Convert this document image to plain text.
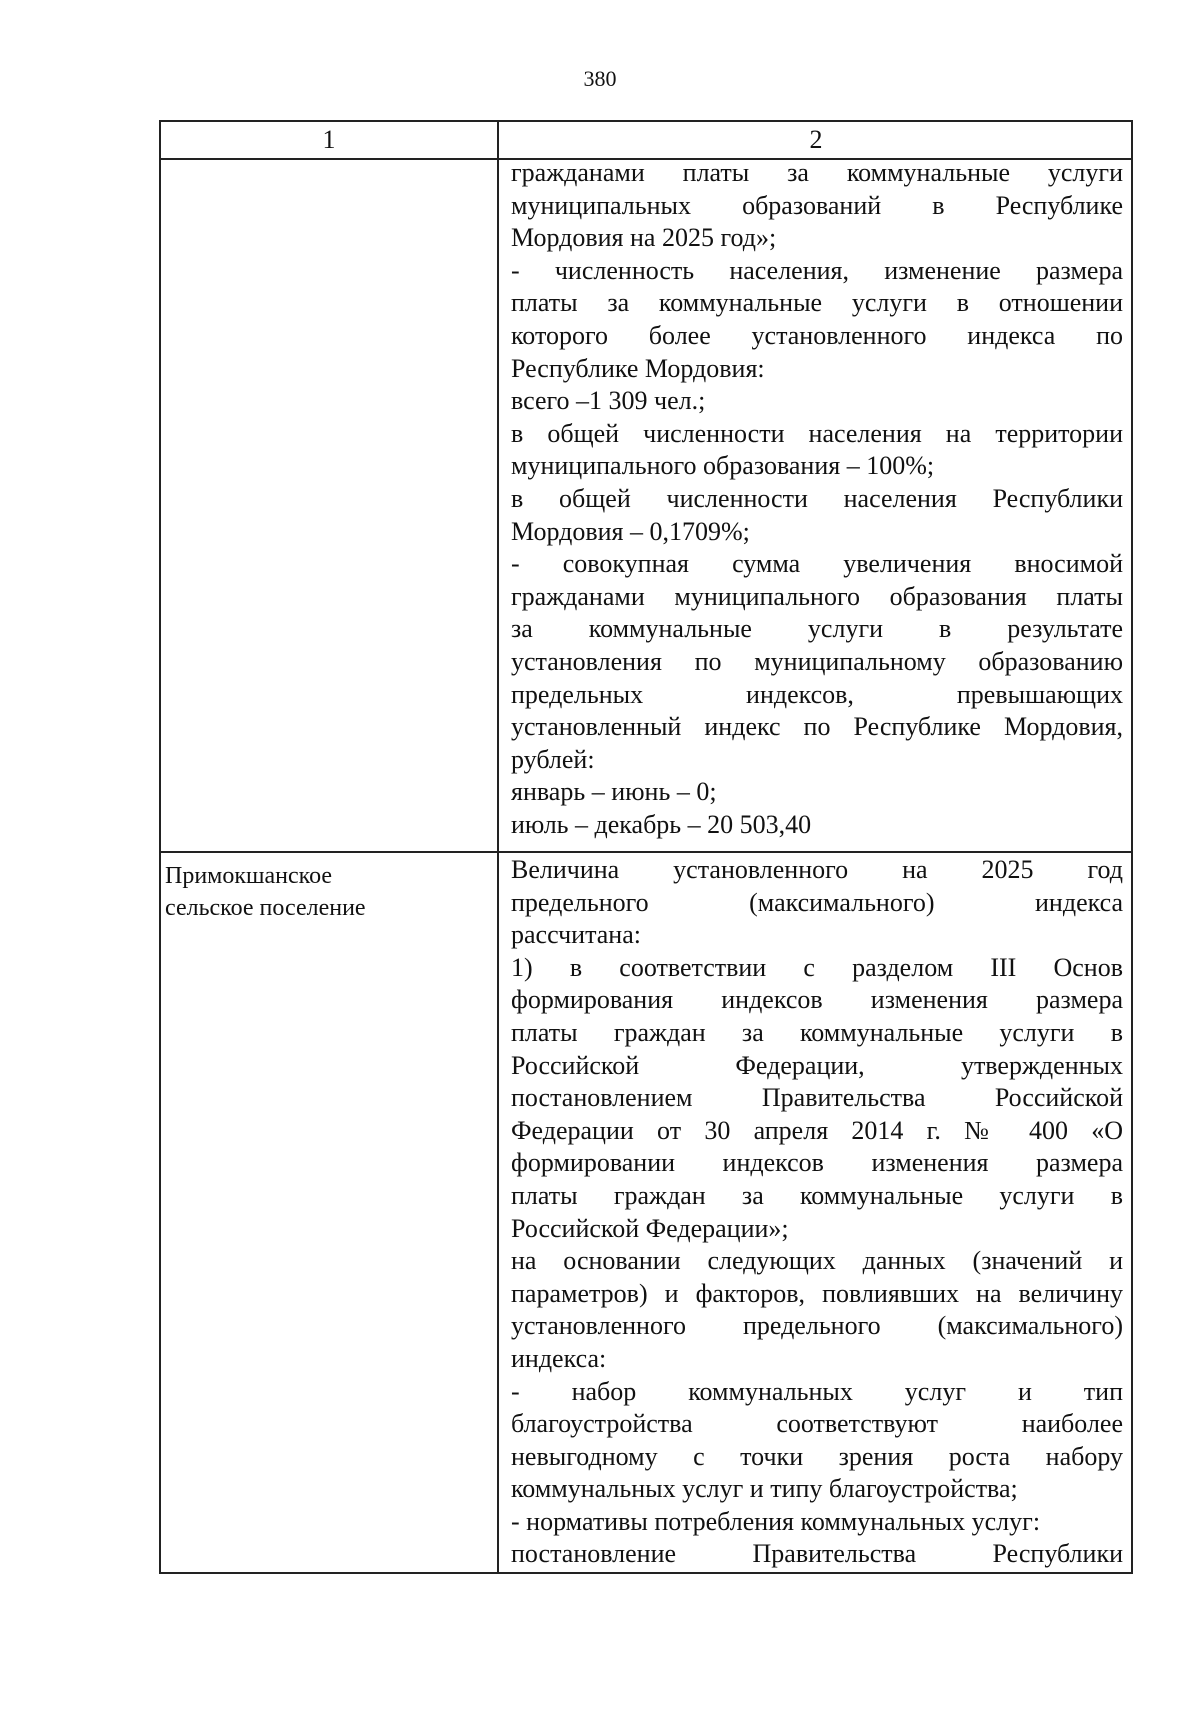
380
1	2
гражданами платы за коммунальные услуги
муниципальных образований в Республике
Мордовия на 2025 год»;
- численность населения, изменение размера
платы за коммунальные услуги в отношении
которого более установленного индекса по
Республике Мордовия:
всего –1 309 чел.;
в общей численности населения на территории
муниципального образования – 100%;
в общей численности населения Республики
Мордовия – 0,1709%;
- совокупная сумма увеличения вносимой
гражданами муниципального образования платы
за коммунальные услуги в результате
установления по муниципальному образованию
предельных индексов, превышающих
установленный индекс по Республике Мордовия,
рублей:
январь – июнь – 0;
июль – декабрь – 20 503,40
Примокшанское
сельское поселение
Величина установленного на 2025 год
предельного (максимального) индекса
рассчитана:
1) в соответствии с разделом III Основ
формирования индексов изменения размера
платы граждан за коммунальные услуги в
Российской Федерации, утвержденных
постановлением Правительства Российской
Федерации от 30 апреля 2014 г. № 400 «О
формировании индексов изменения размера
платы граждан за коммунальные услуги в
Российской Федерации»;
на основании следующих данных (значений и
параметров) и факторов, повлиявших на величину
установленного предельного (максимального)
индекса:
- набор коммунальных услуг и тип
благоустройства соответствуют наиболее
невыгодному с точки зрения роста набору
коммунальных услуг и типу благоустройства;
- нормативы потребления коммунальных услуг:
постановление Правительства Республики
